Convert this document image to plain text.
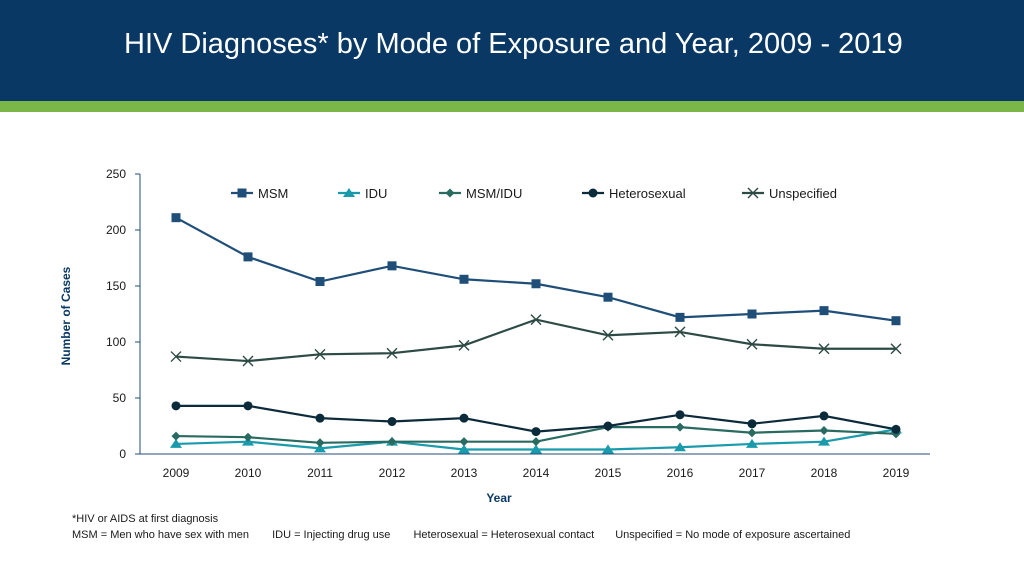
HIV Diagnoses* by Mode of Exposure and Year, 2009 - 2019
0
50
100
150
200
250
2009	2010	2011	2012	2013	2014	2015	2016	2017	2018	2019
Year
Number of Cases
MSM	IDU	MSM/IDU	Heterosexual	Unspecified
*HIV or AIDS at first diagnosis
MSM = Men who have sex with men IDU = Injecting drug use Heterosexual = Heterosexual contact Unspecified = No mode of exposure ascertained
